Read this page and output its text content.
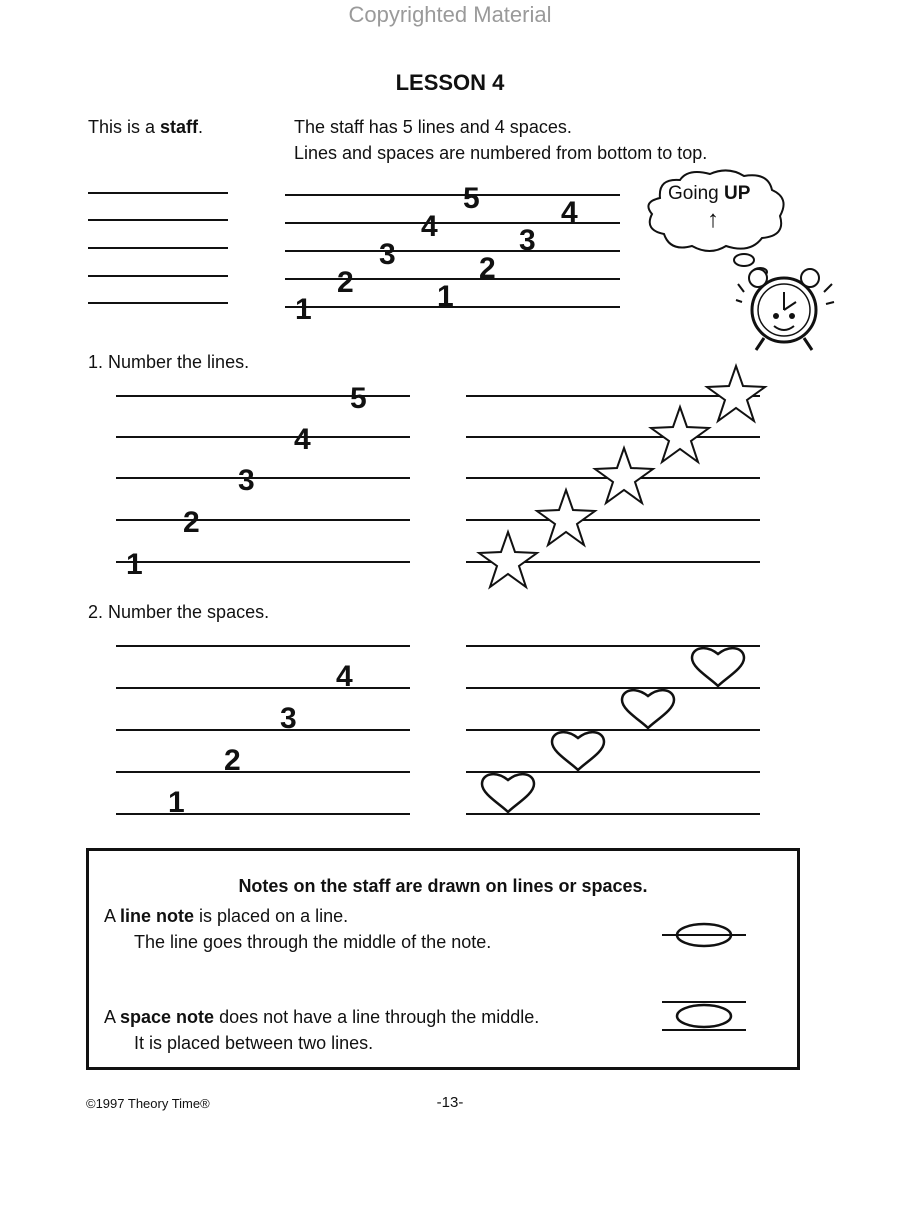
Copyrighted Material

LESSON 4

This is a staff.	The staff has 5 lines and 4 spaces.

Lines and spaces are numbered from bottom to top.

1
2
3
4
5
1
2
3
4

Going UP

↑

1. Number the lines.

1
2
3
4
5

2. Number the spaces.

1
2
3
4

Notes on the staff are drawn on lines or spaces.

A line note is placed on a line.

The line goes through the middle of the note.

A space note does not have a line through the middle.

It is placed between two lines.

©1997 Theory Time®	-13-
